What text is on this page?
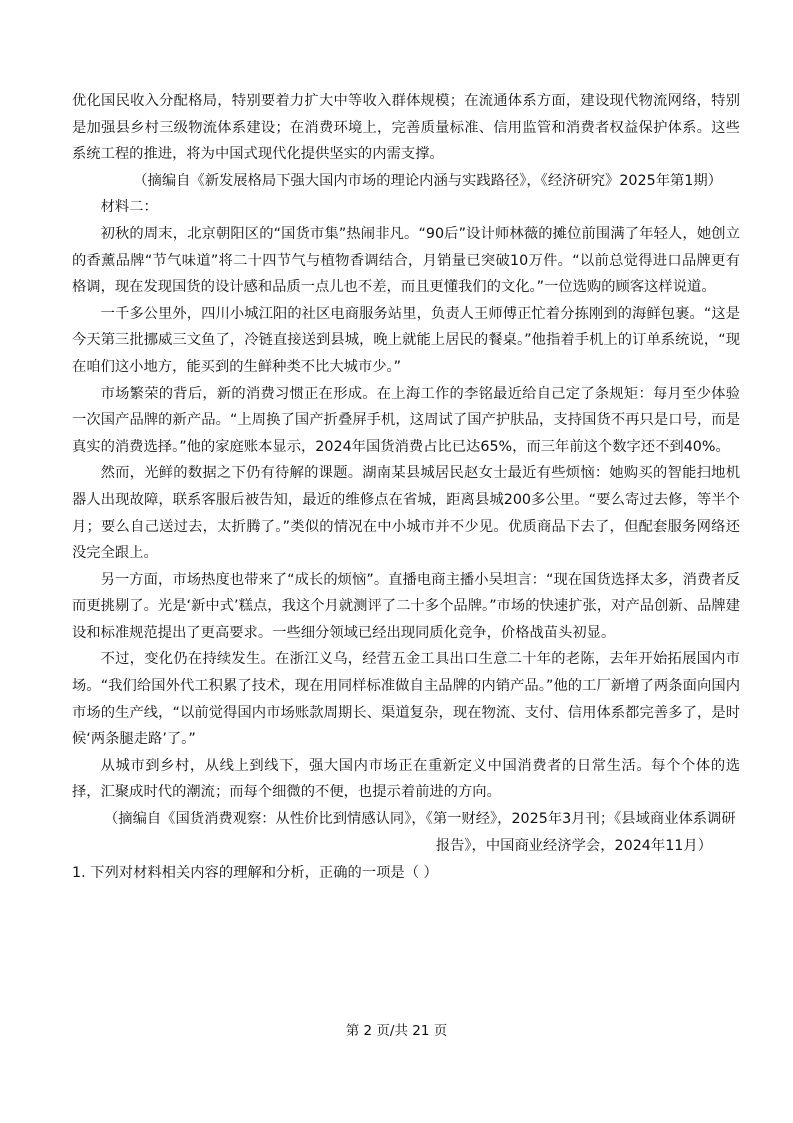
优化国民收入分配格局，特别要着力扩大中等收入群体规模；在流通体系方面，建设现代物流网络，特别是加强县乡村三级物流体系建设；在消费环境上，完善质量标准、信用监管和消费者权益保护体系。这些系统工程的推进，将为中国式现代化提供坚实的内需支撑。

（摘编自《新发展格局下强大国内市场的理论内涵与实践路径》，《经济研究》2025年第1期）

材料二：

初秋的周末，北京朝阳区的“国货市集”热闹非凡。“90后”设计师林薇的摊位前围满了年轻人，她创立的香薰品牌“节气味道”将二十四节气与植物香调结合，月销量已突破10万件。“以前总觉得进口品牌更有格调，现在发现国货的设计感和品质一点儿也不差，而且更懂我们的文化。”一位选购的顾客这样说道。

一千多公里外，四川小城江阳的社区电商服务站里，负责人王师傅正忙着分拣刚到的海鲜包裹。“这是今天第三批挪威三文鱼了，冷链直接送到县城，晚上就能上居民的餐桌。”他指着手机上的订单系统说，“现在咱们这小地方，能买到的生鲜种类不比大城市少。”

市场繁荣的背后，新的消费习惯正在形成。在上海工作的李铭最近给自己定了条规矩：每月至少体验一次国产品牌的新产品。“上周换了国产折叠屏手机，这周试了国产护肤品，支持国货不再只是口号，而是真实的消费选择。”他的家庭账本显示，2024年国货消费占比已达65%，而三年前这个数字还不到40%。

然而，光鲜的数据之下仍有待解的课题。湖南某县城居民赵女士最近有些烦恼：她购买的智能扫地机器人出现故障，联系客服后被告知，最近的维修点在省城，距离县城200多公里。“要么寄过去修，等半个月；要么自己送过去，太折腾了。”类似的情况在中小城市并不少见。优质商品下去了，但配套服务网络还没完全跟上。

另一方面，市场热度也带来了“成长的烦恼”。直播电商主播小吴坦言：“现在国货选择太多，消费者反而更挑剔了。光是‘新中式’糕点，我这个月就测评了二十多个品牌。”市场的快速扩张，对产品创新、品牌建设和标准规范提出了更高要求。一些细分领域已经出现同质化竞争，价格战苗头初显。

不过，变化仍在持续发生。在浙江义乌，经营五金工具出口生意二十年的老陈，去年开始拓展国内市场。“我们给国外代工积累了技术，现在用同样标准做自主品牌的内销产品。”他的工厂新增了两条面向国内市场的生产线，“以前觉得国内市场账款周期长、渠道复杂，现在物流、支付、信用体系都完善多了，是时候‘两条腿走路’了。”

从城市到乡村，从线上到线下，强大国内市场正在重新定义中国消费者的日常生活。每个个体的选择，汇聚成时代的潮流；而每个细微的不便，也提示着前进的方向。

（摘编自《国货消费观察：从性价比到情感认同》，《第一财经》，2025年3月刊；《县域商业体系调研

报告》，中国商业经济学会，2024年11月）

1. 下列对材料相关内容的理解和分析，正确的一项是（ ）

第 2 页/共 21 页
